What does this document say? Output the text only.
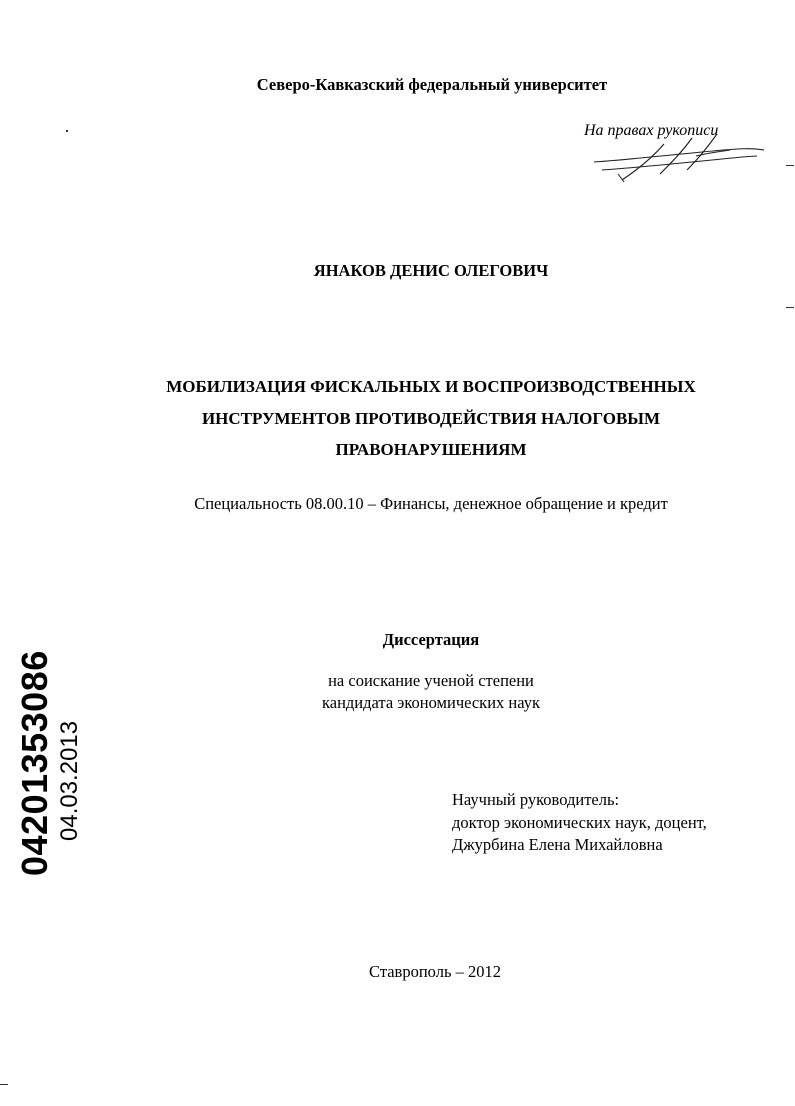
Северо-Кавказский федеральный университет
На правах рукописи
ЯНАКОВ ДЕНИС ОЛЕГОВИЧ
МОБИЛИЗАЦИЯ ФИСКАЛЬНЫХ И ВОСПРОИЗВОДСТВЕННЫХ
ИНСТРУМЕНТОВ ПРОТИВОДЕЙСТВИЯ НАЛОГОВЫМ
ПРАВОНАРУШЕНИЯМ
Специальность 08.00.10 – Финансы, денежное обращение и кредит
Диссертация
на соискание ученой степени
кандидата экономических наук
Научный руководитель:
доктор экономических наук, доцент,
Джурбина Елена Михайловна
Ставрополь – 2012
04201353086 04.03.2013
